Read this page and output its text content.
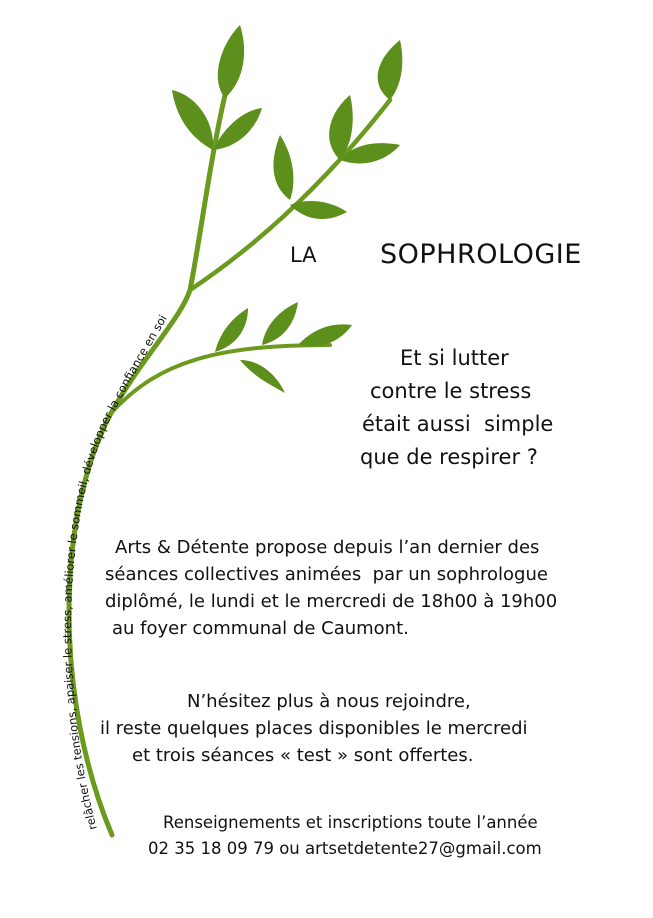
relâcher les tensions, apaiser le stress, améliorer le sommeil, développer la confiance en soi
LA SOPHROLOGIE

Et si lutter

contre le stress

était aussi  simple

que de respirer ?

Arts & Détente propose depuis l’an dernier des

séances collectives animées  par un sophrologue

diplômé, le lundi et le mercredi de 18h00 à 19h00

au foyer communal de Caumont.

N’hésitez plus à nous rejoindre,

il reste quelques places disponibles le mercredi

et trois séances « test » sont offertes.

Renseignements et inscriptions toute l’année

02 35 18 09 79 ou artsetdetente27@gmail.com
